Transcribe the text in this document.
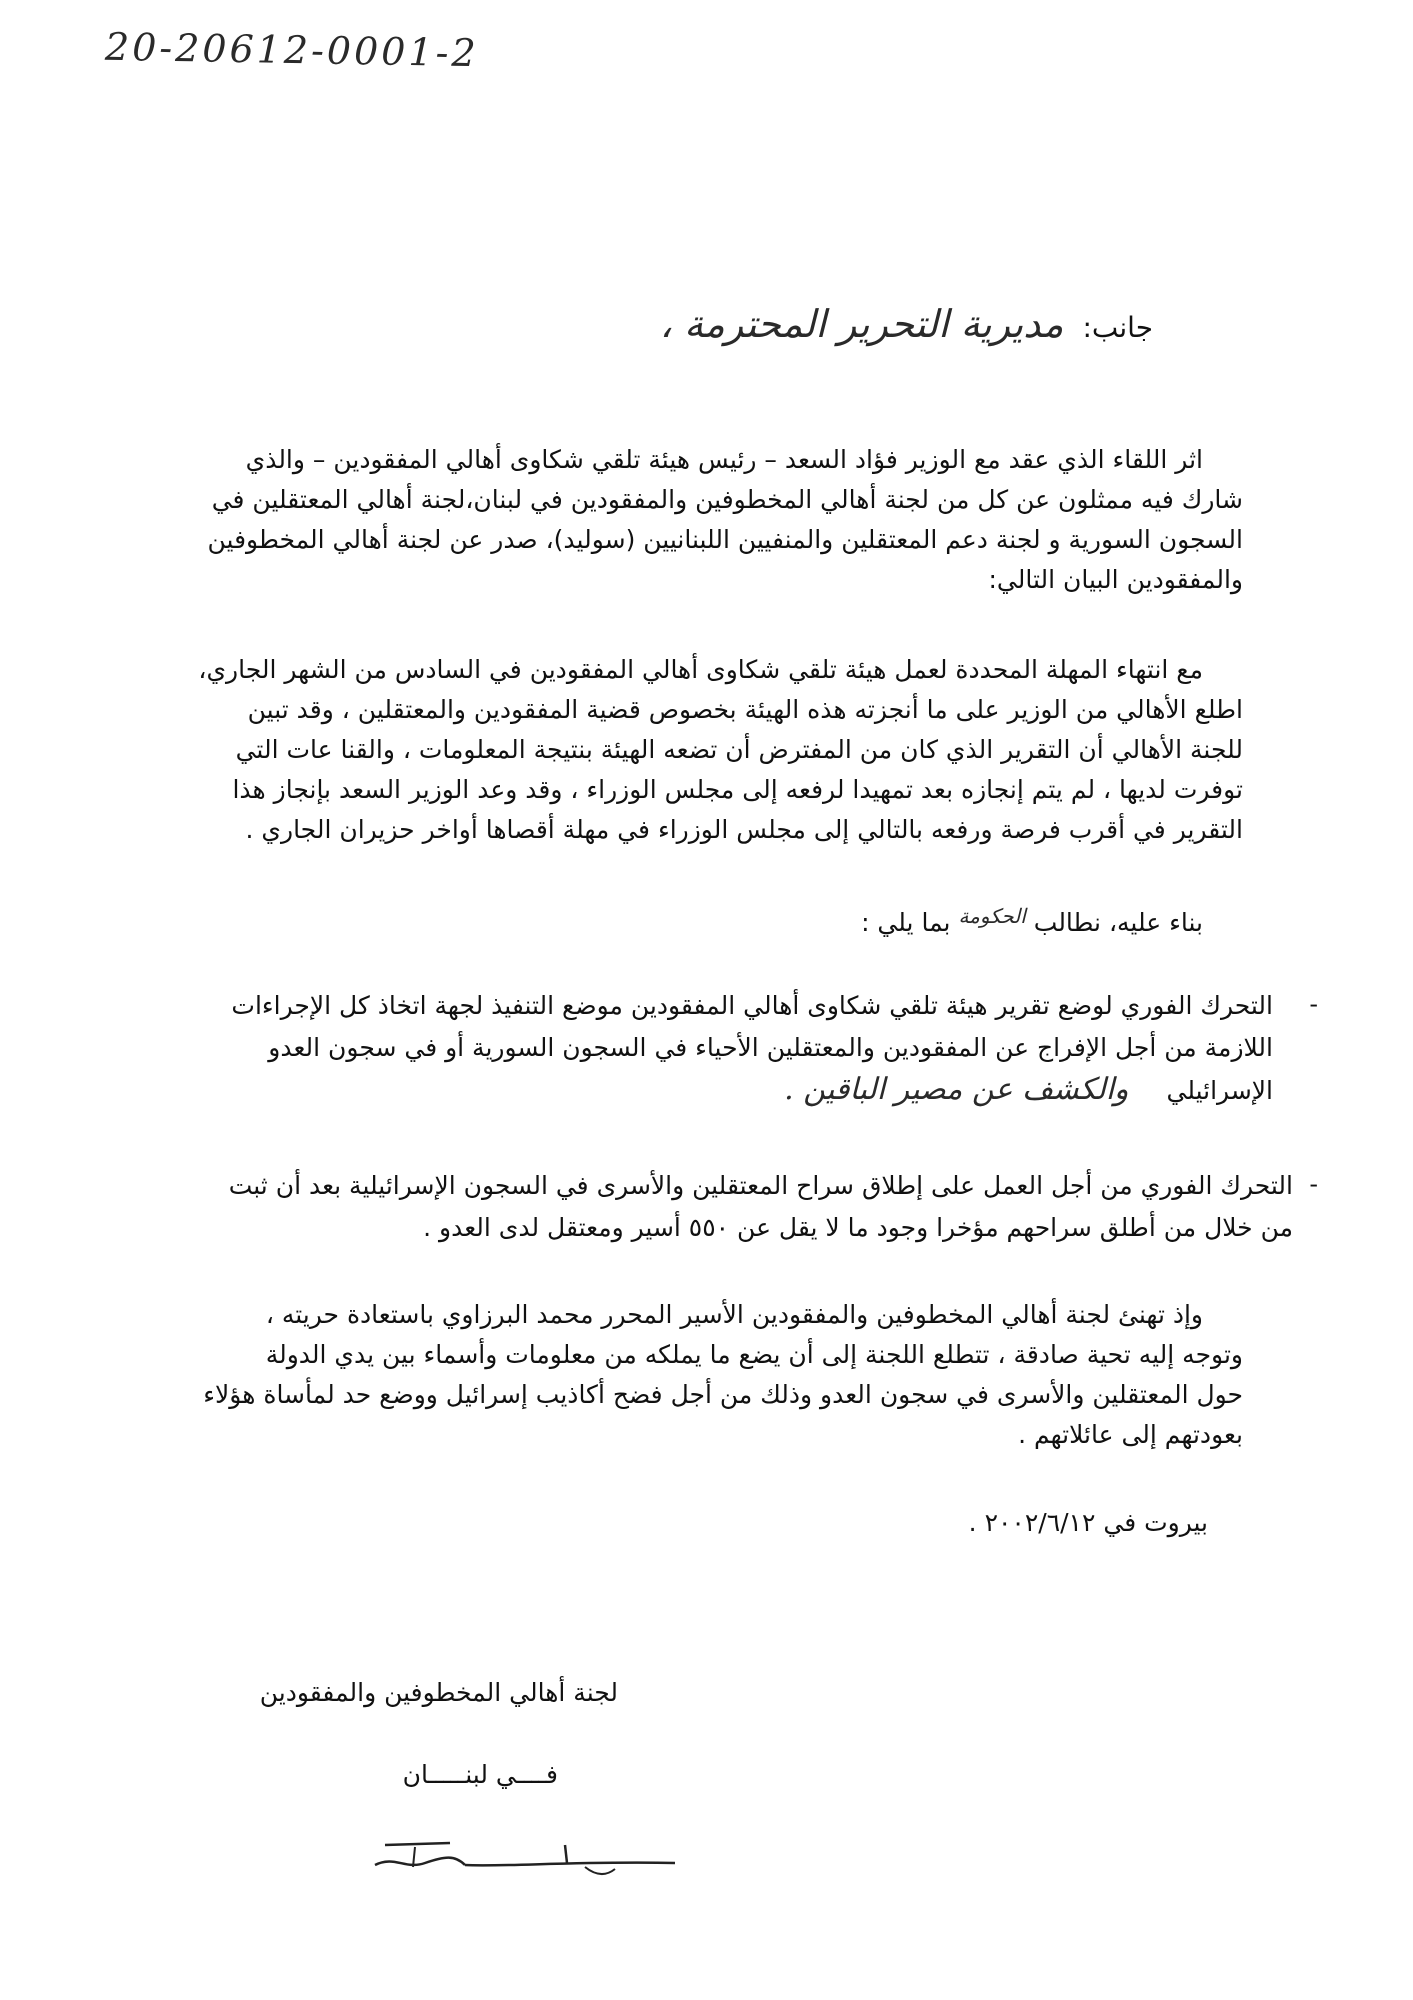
20-20612-0001-2
جانب: مديرية التحرير المحترمة ،
اثر اللقاء الذي عقد مع الوزير فؤاد السعد – رئيس هيئة تلقي شكاوى أهالي المفقودين – والذي
شارك فيه ممثلون عن كل من لجنة أهالي المخطوفين والمفقودين في لبنان،لجنة أهالي المعتقلين في
السجون السورية و لجنة دعم المعتقلين والمنفيين اللبنانيين (سوليد)، صدر عن لجنة أهالي المخطوفين
والمفقودين البيان التالي:
مع انتهاء المهلة المحددة لعمل هيئة تلقي شكاوى أهالي المفقودين في السادس من الشهر الجاري،
اطلع الأهالي من الوزير على ما أنجزته هذه الهيئة بخصوص قضية المفقودين والمعتقلين ، وقد تبين
للجنة الأهالي أن التقرير الذي كان من المفترض أن تضعه الهيئة بنتيجة المعلومات ، والقنا عات التي
توفرت لديها ، لم يتم إنجازه بعد تمهيدا لرفعه إلى مجلس الوزراء ، وقد وعد الوزير السعد بإنجاز هذا
التقرير في أقرب فرصة ورفعه بالتالي إلى مجلس الوزراء في مهلة أقصاها أواخر حزيران الجاري .
بناء عليه، نطالب $^{الحكومة}$ بما يلي :
-
التحرك الفوري لوضع تقرير هيئة تلقي شكاوى أهالي المفقودين موضع التنفيذ لجهة اتخاذ كل الإجراءات
اللازمة من أجل الإفراج عن المفقودين والمعتقلين الأحياء في السجون السورية أو في سجون العدو
الإسرائيلي والكشف عن مصير الباقين .
-
التحرك الفوري من أجل العمل على إطلاق سراح المعتقلين والأسرى في السجون الإسرائيلية بعد أن ثبت
من خلال من أطلق سراحهم مؤخرا وجود ما لا يقل عن ٥٥٠ أسير ومعتقل لدى العدو .
وإذ تهنئ لجنة أهالي المخطوفين والمفقودين الأسير المحرر محمد البرزاوي باستعادة حريته ،
وتوجه إليه تحية صادقة ، تتطلع اللجنة إلى أن يضع ما يملكه من معلومات وأسماء بين يدي الدولة
حول المعتقلين والأسرى في سجون العدو وذلك من أجل فضح أكاذيب إسرائيل ووضع حد لمأساة هؤلاء
بعودتهم إلى عائلاتهم .
بيروت في ٢٠٠٢/٦/١٢ .
لجنة أهالي المخطوفين والمفقودين
فــــي لبنـــــان
